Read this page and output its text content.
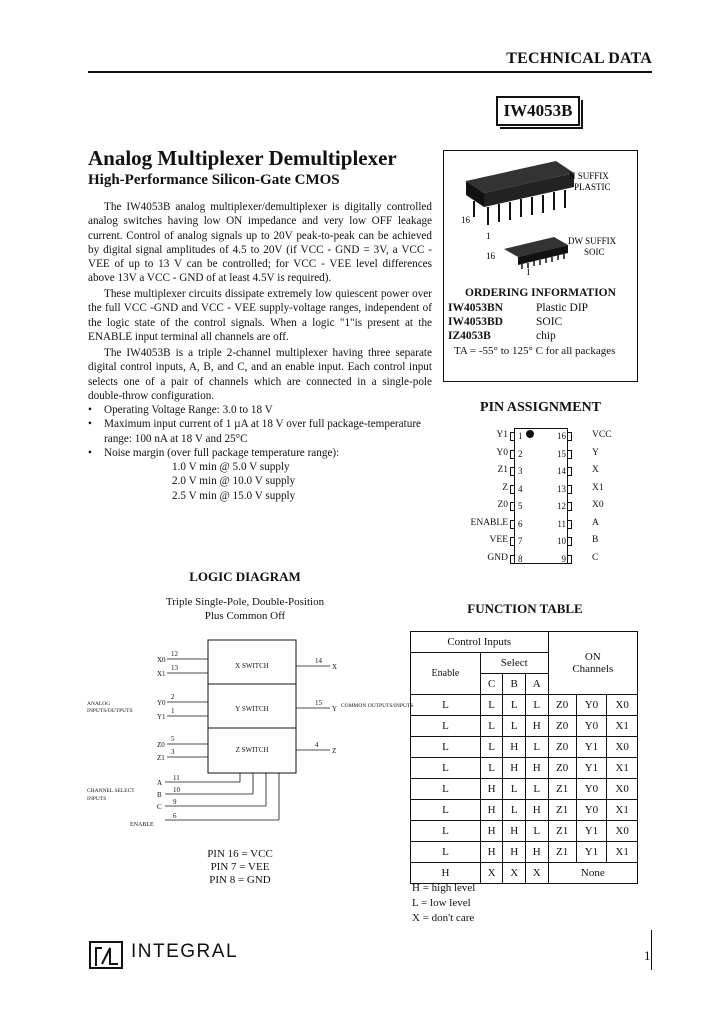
TECHNICAL DATA
IW4053B
Analog Multiplexer Demultiplexer
High-Performance Silicon-Gate CMOS
The IW4053B analog multiplexer/demultiplexer is digitally controlled analog switches having low ON impedance and very low OFF leakage current. Control of analog signals up to 20V peak-to-peak can be achieved by digital signal amplitudes of 4.5 to 20V (if VCC - GND = 3V, a VCC - VEE of up to 13 V can be controlled; for VCC - VEE level differences above 13V a VCC - GND of at least 4.5V is required).
These multiplexer circuits dissipate extremely low quiescent power over the full VCC -GND and VCC - VEE supply-voltage ranges, independent of the logic state of the control signals. When a logic "1"is present at the ENABLE input terminal all channels are off.
The IW4053B is a triple 2-channel multiplexer having three separate digital control inputs, A, B, and C, and an enable input. Each control input selects one of a pair of channels which are connected in a single-pole double-throw configuration.
• Operating Voltage Range: 3.0 to 18 V
• Maximum input current of 1 µA at 18 V over full package-temperature range: 100 nA at 18 V and 25°C
• Noise margin (over full package temperature range):
1.0 V min @ 5.0 V supply
2.0 V min @ 10.0 V supply
2.5 V min @ 15.0 V supply
N SUFFIX
PLASTIC
16
1	DW SUFFIX
SOIC
16
1
ORDERING INFORMATION
IW4053BN	Plastic DIP
IW4053BD	SOIC
IZ4053B	chip
TA = -55° to 125° C for all packages
PIN ASSIGNMENT
Y1 1
Y0 2
Z1 3
Z 4
Z0 5
ENABLE 6
VEE 7
GND 8
16	VCC
15	Y
14	X
13	X1
12	X0
11	A
10	B
9	C
LOGIC DIAGRAM
Triple Single-Pole, Double-Position
Plus Common Off
X SWITCH
Y SWITCH
Z SWITCH
X0
X1
Y0
Y1
Z0
Z1
12
13
2
1
5
3
X
Y
Z
14
15
4
A
B
C
11
10
9
6
ENABLE
ANALOG
INPUTS/OUTPUTS
COMMON OUTPUTS/INPUTS
CHANNEL SELECT
INPUTS
PIN 16 = VCC
PIN 7 = VEE
PIN 8 = GND
FUNCTION TABLE
Control Inputs				ON
Channels		
Enable	Select					
	C	B	A			
L	L	L	L	Z0	Y0	X0
L	L	L	H	Z0	Y0	X1
L	L	H	L	Z0	Y1	X0
L	L	H	H	Z0	Y1	X1
L	H	L	L	Z1	Y0	X0
L	H	L	H	Z1	Y0	X1
L	H	H	L	Z1	Y1	X0
L	H	H	H	Z1	Y1	X1
H	X	X	X	None		
H = high level
L = low level
X = don't care
INTEGRAL	1
